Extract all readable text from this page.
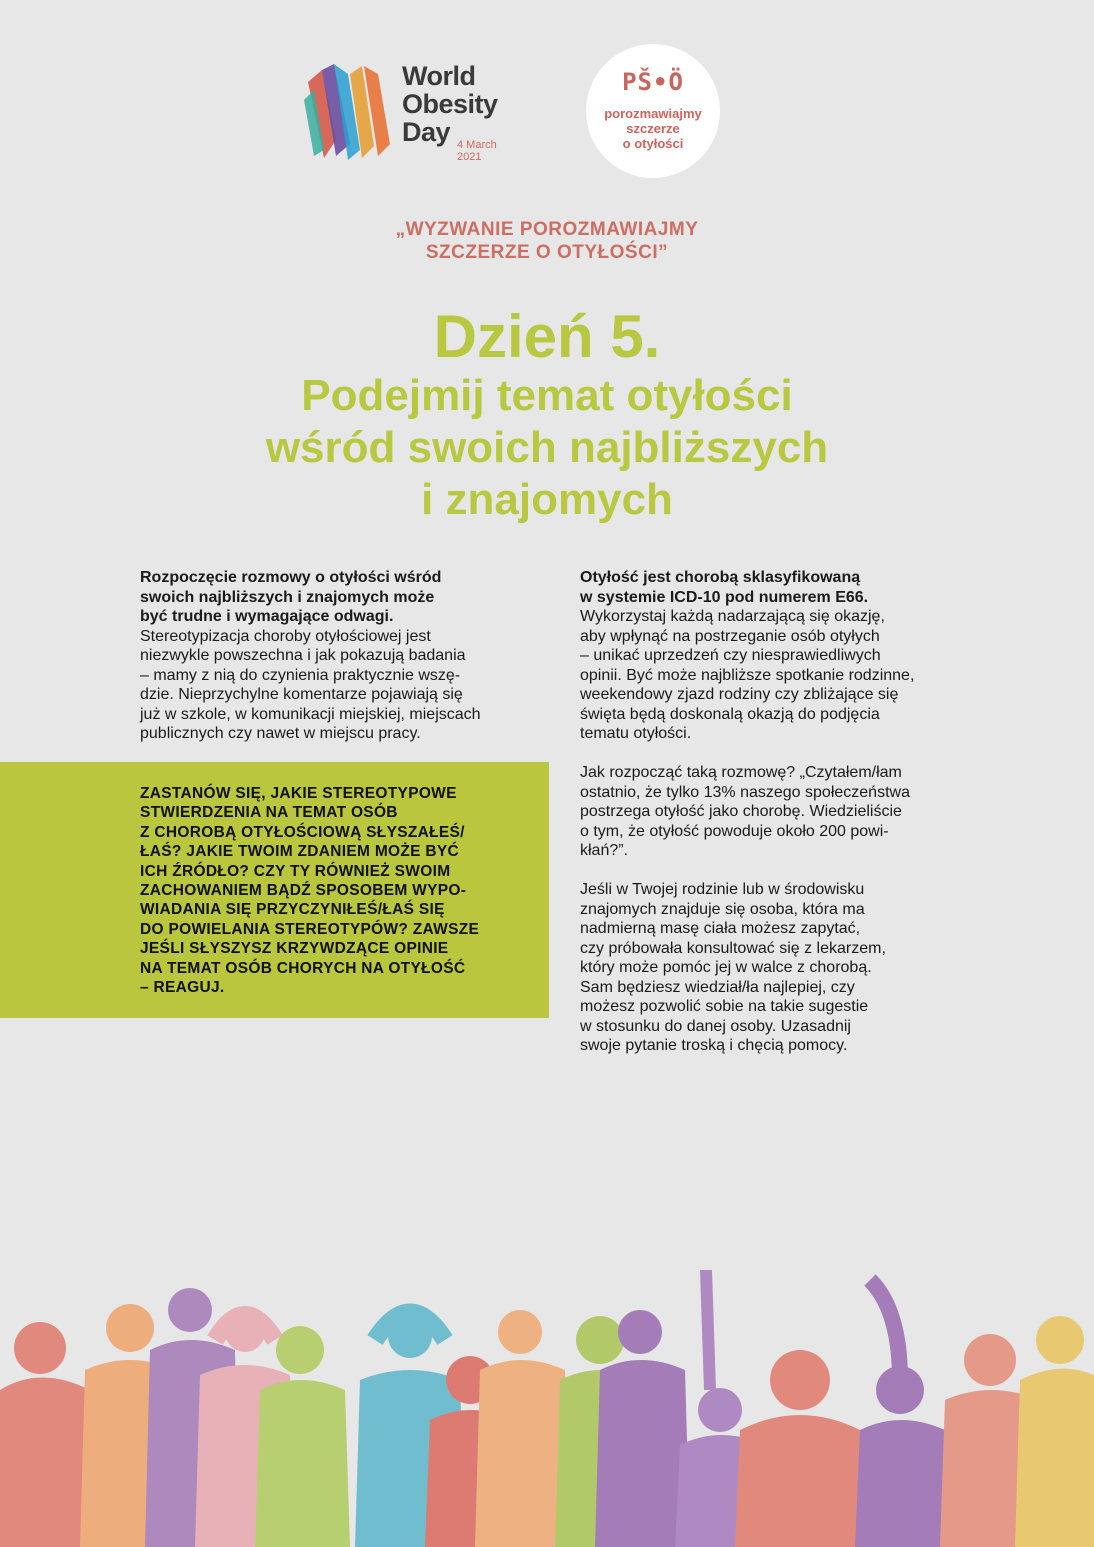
World
Obesity
Day 4 March
2021
PŠ•Ö
porozmawiajmy
szczerze
o otyłości
„WYZWANIE POROZMAWIAJMY
SZCZERZE O OTYŁOŚCI”
Dzień 5.
Podejmij temat otyłości
wśród swoich najbliższych
i znajomych
Rozpoczęcie rozmowy o otyłości wśród
swoich najbliższych i znajomych może
być trudne i wymagające odwagi.
Stereotypizacja choroby otyłościowej jest
niezwykle powszechna i jak pokazują badania
– mamy z nią do czynienia praktycznie wszę-
dzie. Nieprzychylne komentarze pojawiają się
już w szkole, w komunikacji miejskiej, miejscach
publicznych czy nawet w miejscu pracy.
ZASTANÓW SIĘ, JAKIE STEREOTYPOWE
STWIERDZENIA NA TEMAT OSÓB
Z CHOROBĄ OTYŁOŚCIOWĄ SŁYSZAŁEŚ/
ŁAŚ? JAKIE TWOIM ZDANIEM MOŻE BYĆ
ICH ŹRÓDŁO? CZY TY RÓWNIEŻ SWOIM
ZACHOWANIEM BĄDŹ SPOSOBEM WYPO-
WIADANIA SIĘ PRZYCZYNIŁEŚ/ŁAŚ SIĘ
DO POWIELANIA STEREOTYPÓW? ZAWSZE
JEŚLI SŁYSZYSZ KRZYWDZĄCE OPINIE
NA TEMAT OSÓB CHORYCH NA OTYŁOŚĆ
– REAGUJ.
Otyłość jest chorobą sklasyfikowaną
w systemie ICD-10 pod numerem E66.
Wykorzystaj każdą nadarzającą się okazję,
aby wpłynąć na postrzeganie osób otyłych
– unikać uprzedzeń czy niesprawiedliwych
opinii. Być może najbliższe spotkanie rodzinne,
weekendowy zjazd rodziny czy zbliżające się
święta będą doskonalą okazją do podjęcia
tematu otyłości.
Jak rozpocząć taką rozmowę? „Czytałem/łam
ostatnio, że tylko 13% naszego społeczeństwa
postrzega otyłość jako chorobę. Wiedzieliście
o tym, że otyłość powoduje około 200 powi-
kłań?”.
Jeśli w Twojej rodzinie lub w środowisku
znajomych znajduje się osoba, która ma
nadmierną masę ciała możesz zapytać,
czy próbowała konsultować się z lekarzem,
który może pomóc jej w walce z chorobą.
Sam będziesz wiedział/ła najlepiej, czy
możesz pozwolić sobie na takie sugestie
w stosunku do danej osoby. Uzasadnij
swoje pytanie troską i chęcią pomocy.
